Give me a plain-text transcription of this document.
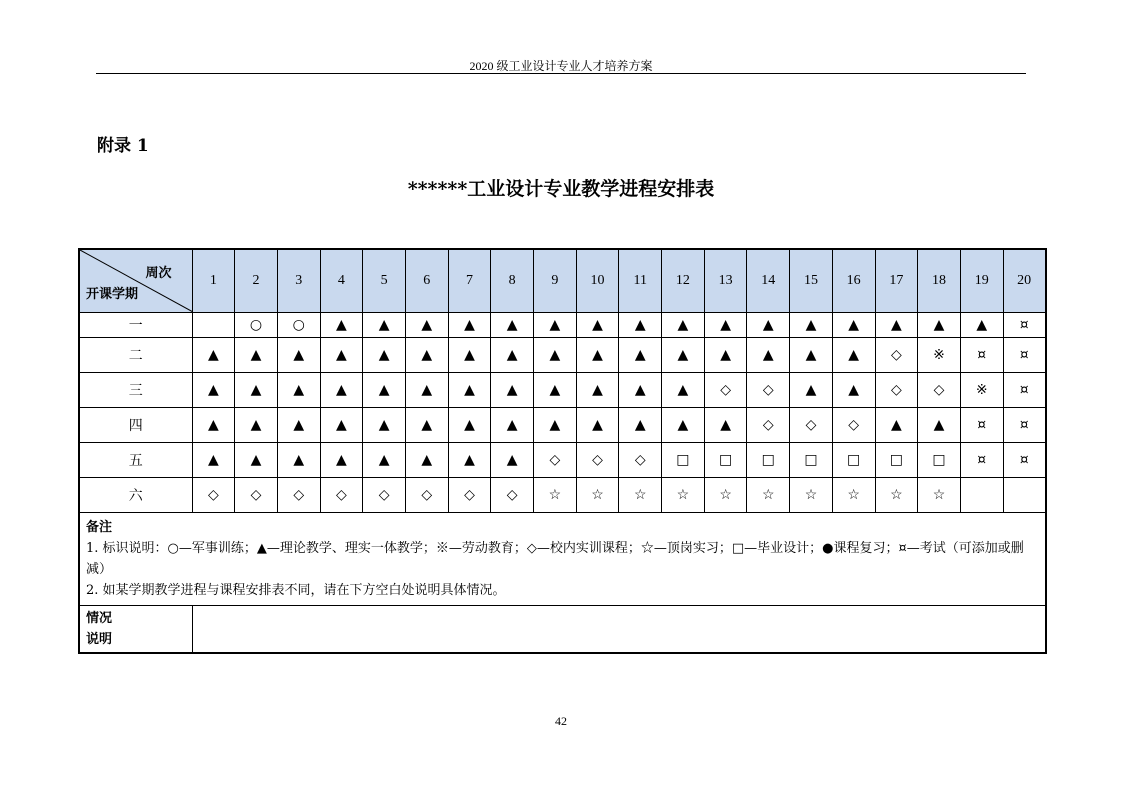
2020 级工业设计专业人才培养方案
附录 1
******工业设计专业教学进程安排表
周次
开课学期	1	2	3	4	5	6	7	8	9	10	11	12	13	14	15	16	17	18	19	20
一		○	○	▲	▲	▲	▲	▲	▲	▲	▲	▲	▲	▲	▲	▲	▲	▲	▲	¤
二	▲	▲	▲	▲	▲	▲	▲	▲	▲	▲	▲	▲	▲	▲	▲	▲	◇	※	¤	¤
三	▲	▲	▲	▲	▲	▲	▲	▲	▲	▲	▲	▲	◇	◇	▲	▲	◇	◇	※	¤
四	▲	▲	▲	▲	▲	▲	▲	▲	▲	▲	▲	▲	▲	◇	◇	◇	▲	▲	¤	¤
五	▲	▲	▲	▲	▲	▲	▲	▲	◇	◇	◇	□	□	□	□	□	□	□	¤	¤
六	◇	◇	◇	◇	◇	◇	◇	◇	☆	☆	☆	☆	☆	☆	☆	☆	☆	☆		

备注
1. 标识说明：○—军事训练；▲—理论教学、理实一体教学；※—劳动教育；◇—校内实训课程；☆—顶岗实习；□—毕业设计；●课程复习；¤—考试（可添加或删减）
2. 如某学期教学进程与课程安排表不同，请在下方空白处说明具体情况。																				

情况
说明																				

42
